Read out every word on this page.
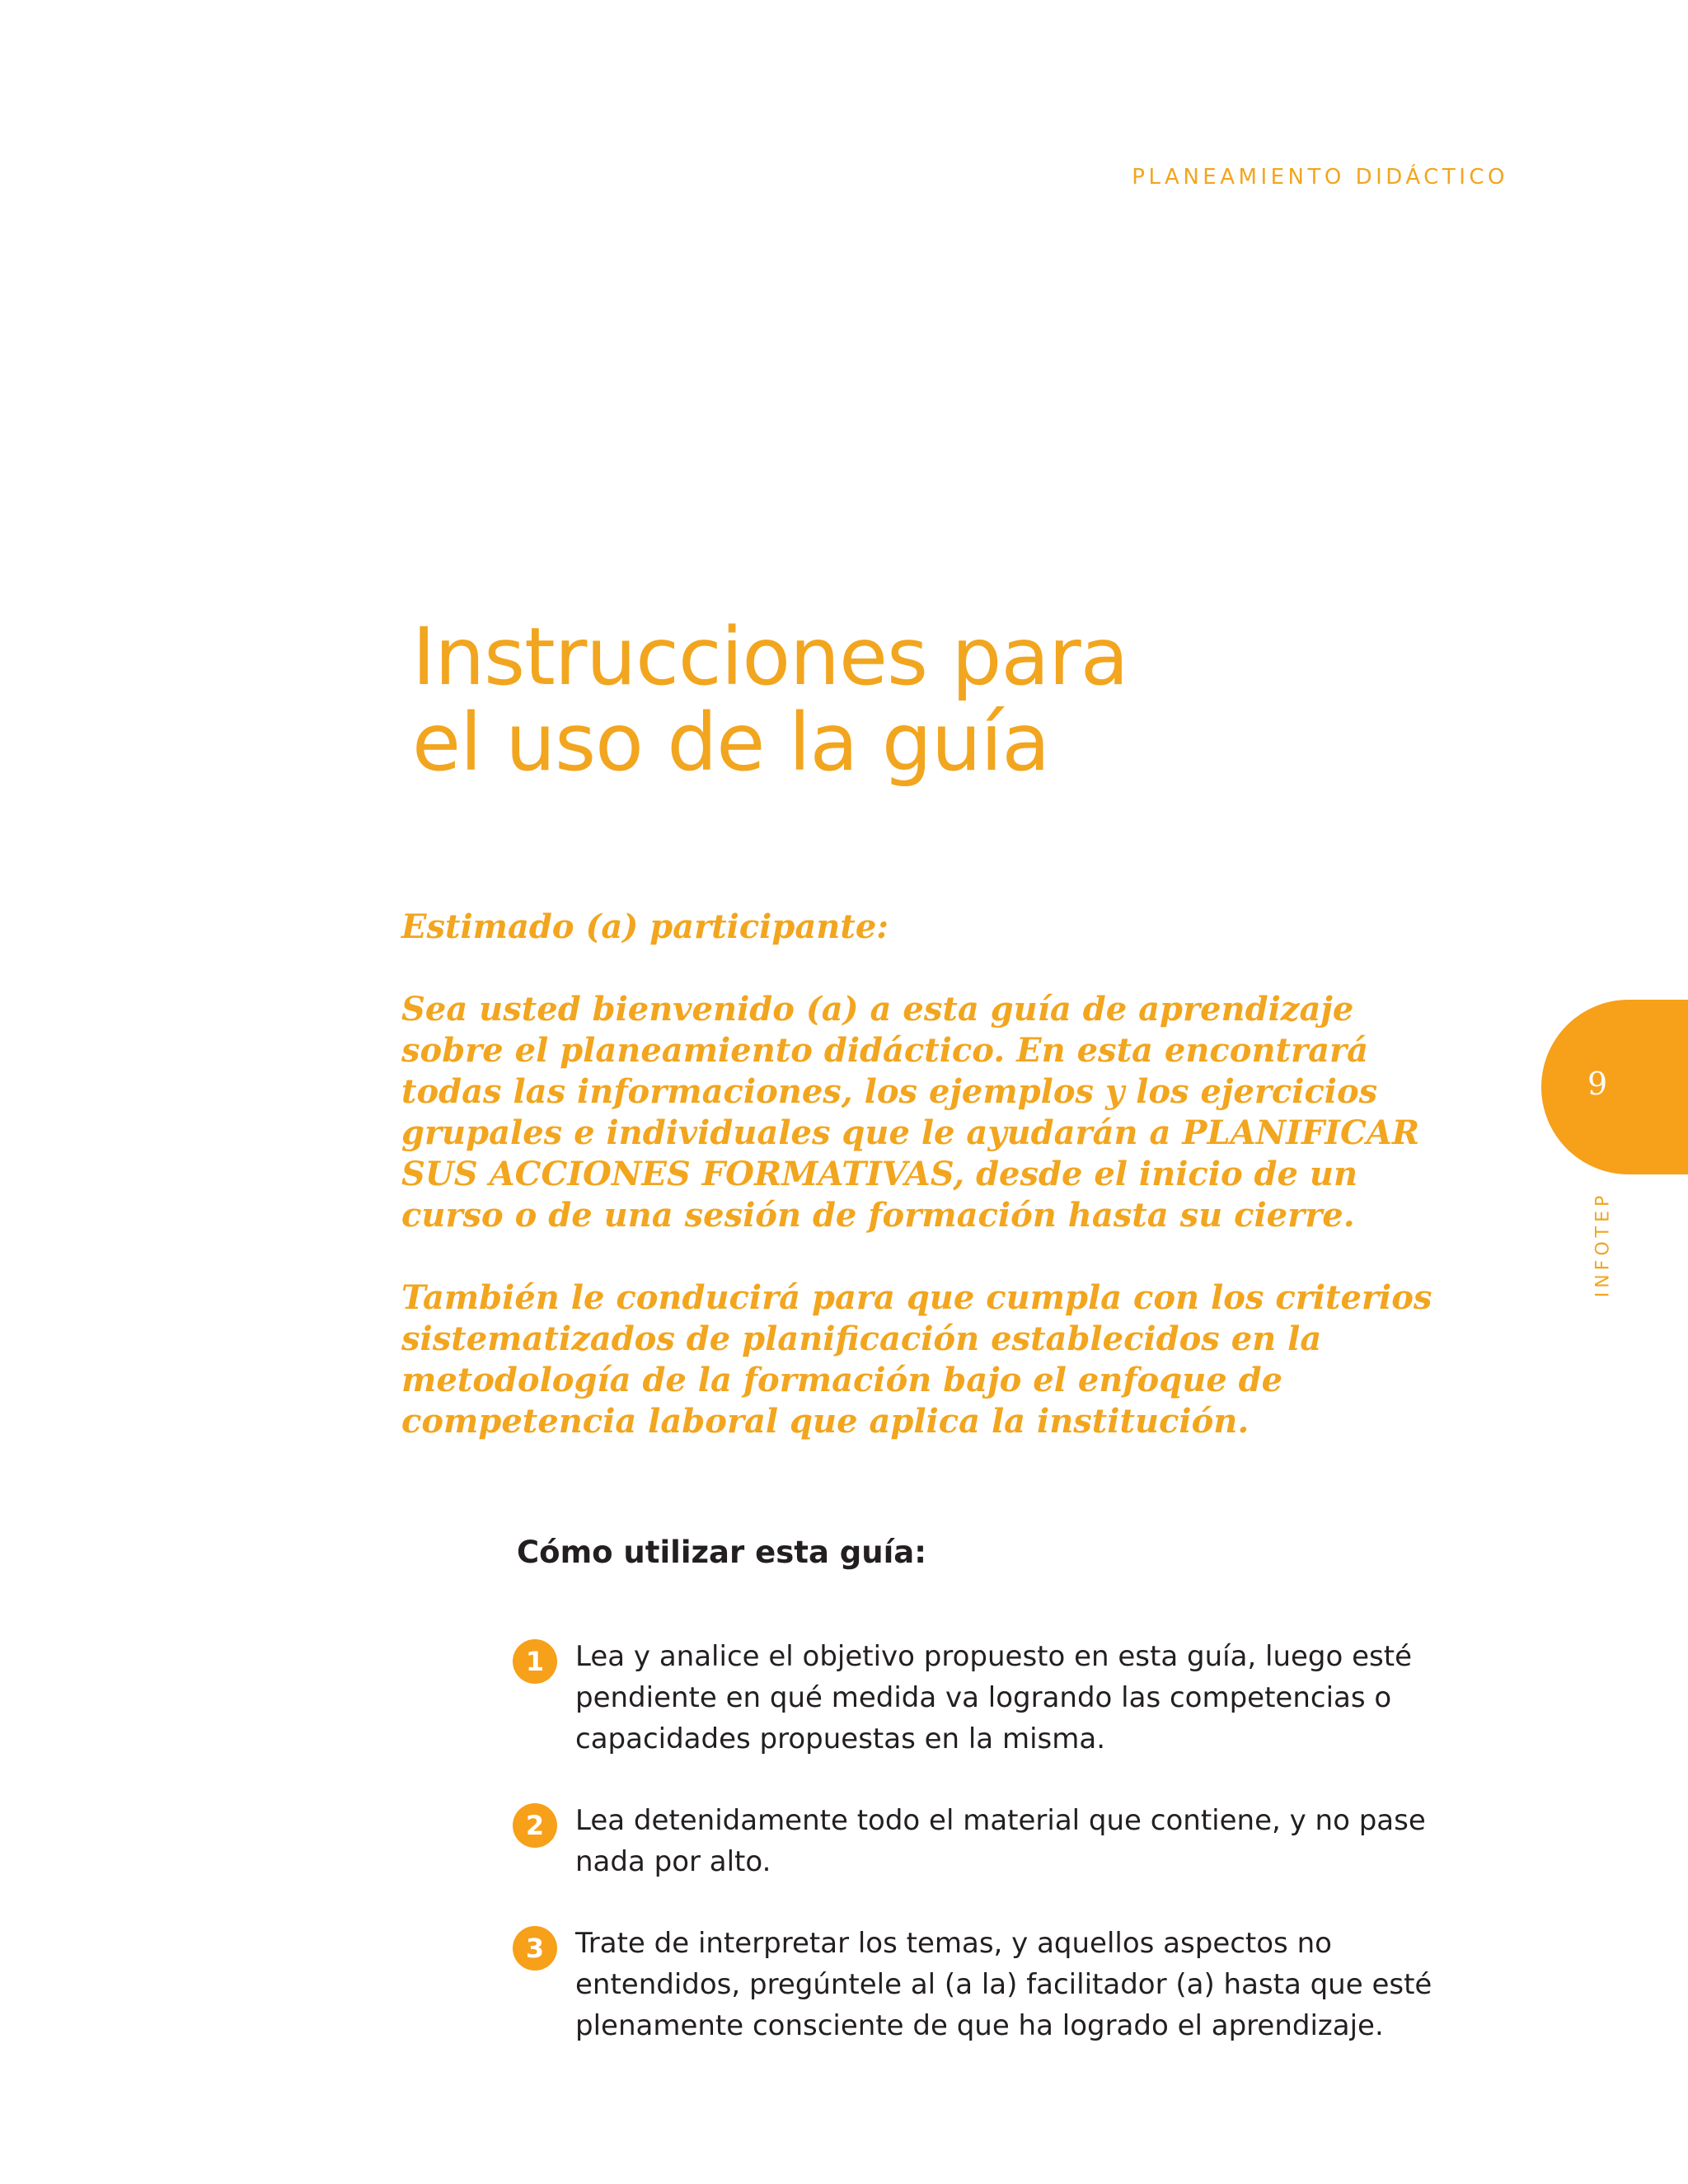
PLANEAMIENTO DIDÁCTICO
Instrucciones para
el uso de la guía

Estimado (a) participante:

Sea usted bienvenido (a) a esta guía de aprendizaje sobre el planeamiento didáctico. En esta encontrará todas las informaciones, los ejemplos y los ejercicios grupales e individuales que le ayudarán a PLANIFICAR SUS ACCIONES FORMATIVAS, desde el inicio de un curso o de una sesión de formación hasta su cierre.

También le conducirá para que cumpla con los criterios sistematizados de planificación establecidos en la metodología de la formación bajo el enfoque de competencia laboral que aplica la institución.

Cómo utilizar esta guía:
1	Lea y analice el objetivo propuesto en esta guía, luego esté pendiente en qué medida va logrando las competencias o capacidades propuestas en la misma.
2	Lea detenidamente todo el material que contiene, y no pase nada por alto.
3	Trate de interpretar los temas, y aquellos aspectos no entendidos, pregúntele al (a la) facilitador (a) hasta que esté plenamente consciente de que ha logrado el aprendizaje.
9
INFOTEP
